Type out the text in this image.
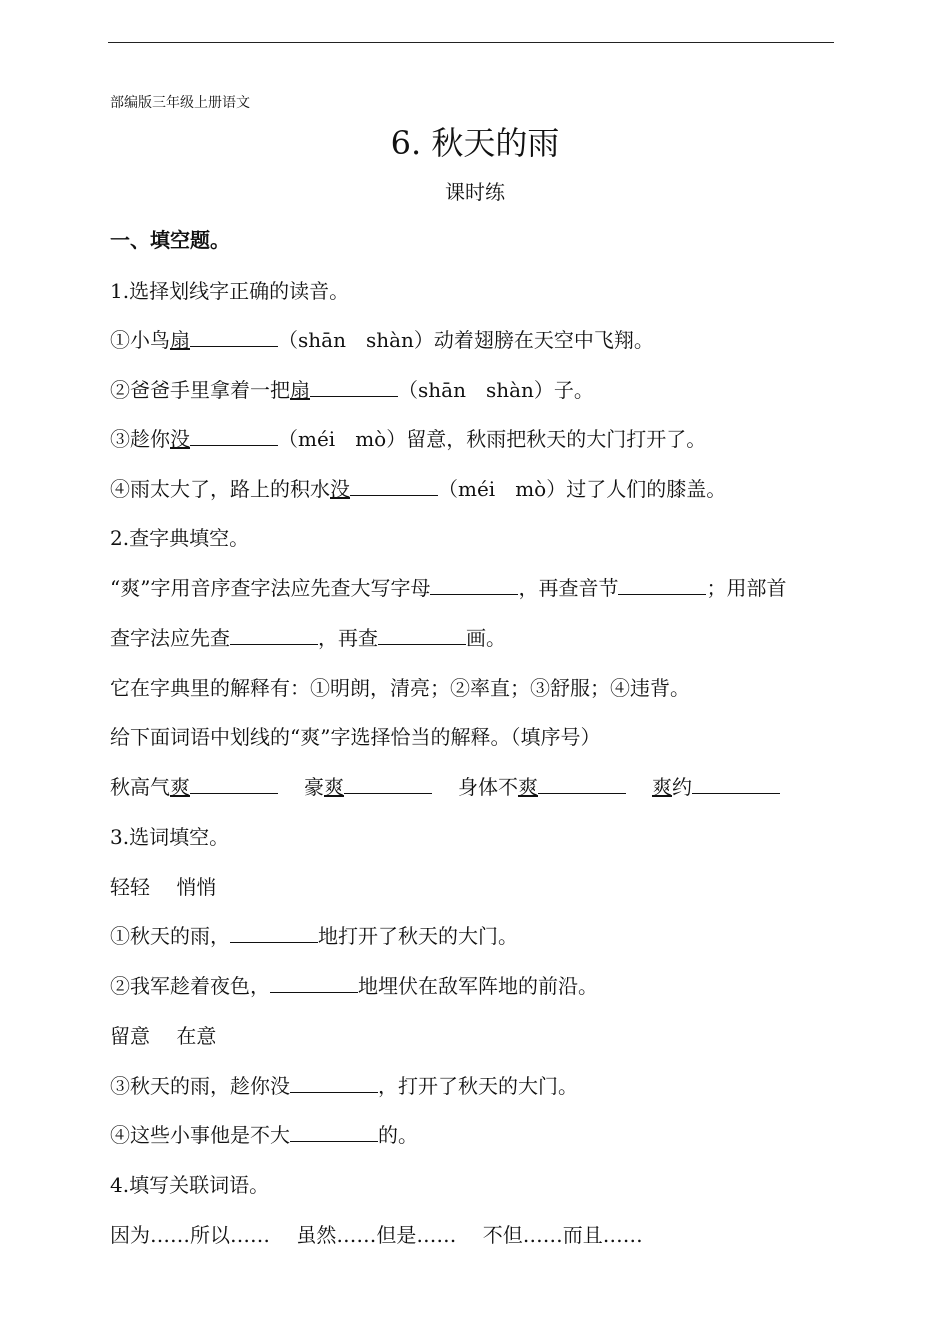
部编版三年级上册语文
6. 秋天的雨
课时练
一、填空题。
1.选择划线字正确的读音。
①小鸟扇	（shān　shàn）动着翅膀在天空中飞翔。
②爸爸手里拿着一把扇	（shān　shàn）子。
③趁你没	（méi　mò）留意，秋雨把秋天的大门打开了。
④雨太大了，路上的积水没	（méi　mò）过了人们的膝盖。
2.查字典填空。
“爽”字用音序查字法应先查大写字母	，再查音节	；用部首
查字法应先查	，再查	画。
它在字典里的解释有：①明朗，清亮；②率直；③舒服；④违背。
给下面词语中划线的“爽”字选择恰当的解释。（填序号）
秋高气爽	豪爽	身体不爽	爽约
3.选词填空。
轻轻　 悄悄
①秋天的雨，	地打开了秋天的大门。
②我军趁着夜色，	地埋伏在敌军阵地的前沿。
留意　 在意
③秋天的雨，趁你没	，打开了秋天的大门。
④这些小事他是不大	的。
4.填写关联词语。
因为……所以……　 虽然……但是……　 不但……而且……
